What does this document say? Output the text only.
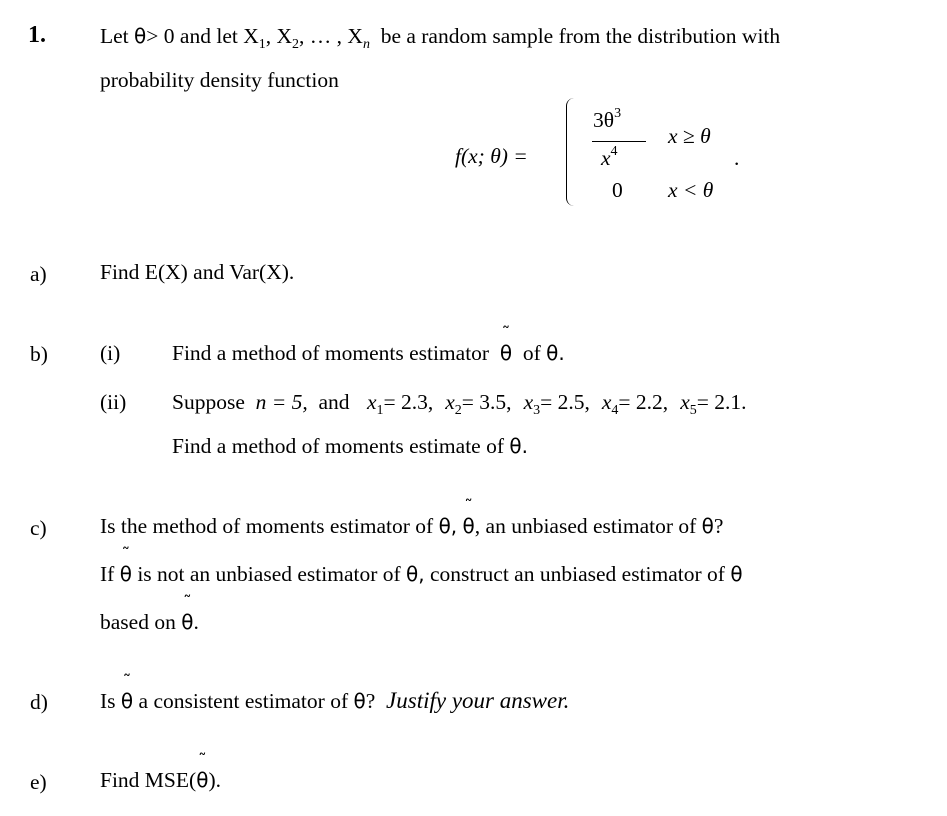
1.	Let θ> 0 and let $X_1$, $X_2$, … , $X_n$ be a random sample from the distribution with
probability density function
f(x; θ) =
$3\theta^3$
$x^4$
x ≥ θ
.
0 x < θ
a) Find E(X) and Var(X).
b) (i) Find a method of moments estimator
˜
θ of θ.
(ii) Suppose n = 5, and $x_1= 2.3$, $x_2= 3.5$, $x_3= 2.5$, $x_4= 2.2$, $x_5= 2.1$.
Find a method of moments estimate of θ.
c) Is the method of moments estimator of θ,
˜
θ, an unbiased estimator of θ?
If
˜
θ is not an unbiased estimator of θ, construct an unbiased estimator of θ
based on
˜
θ.
d) Is
˜
θ a consistent estimator of θ? Justify your answer.
e) Find MSE(
˜
θ).
